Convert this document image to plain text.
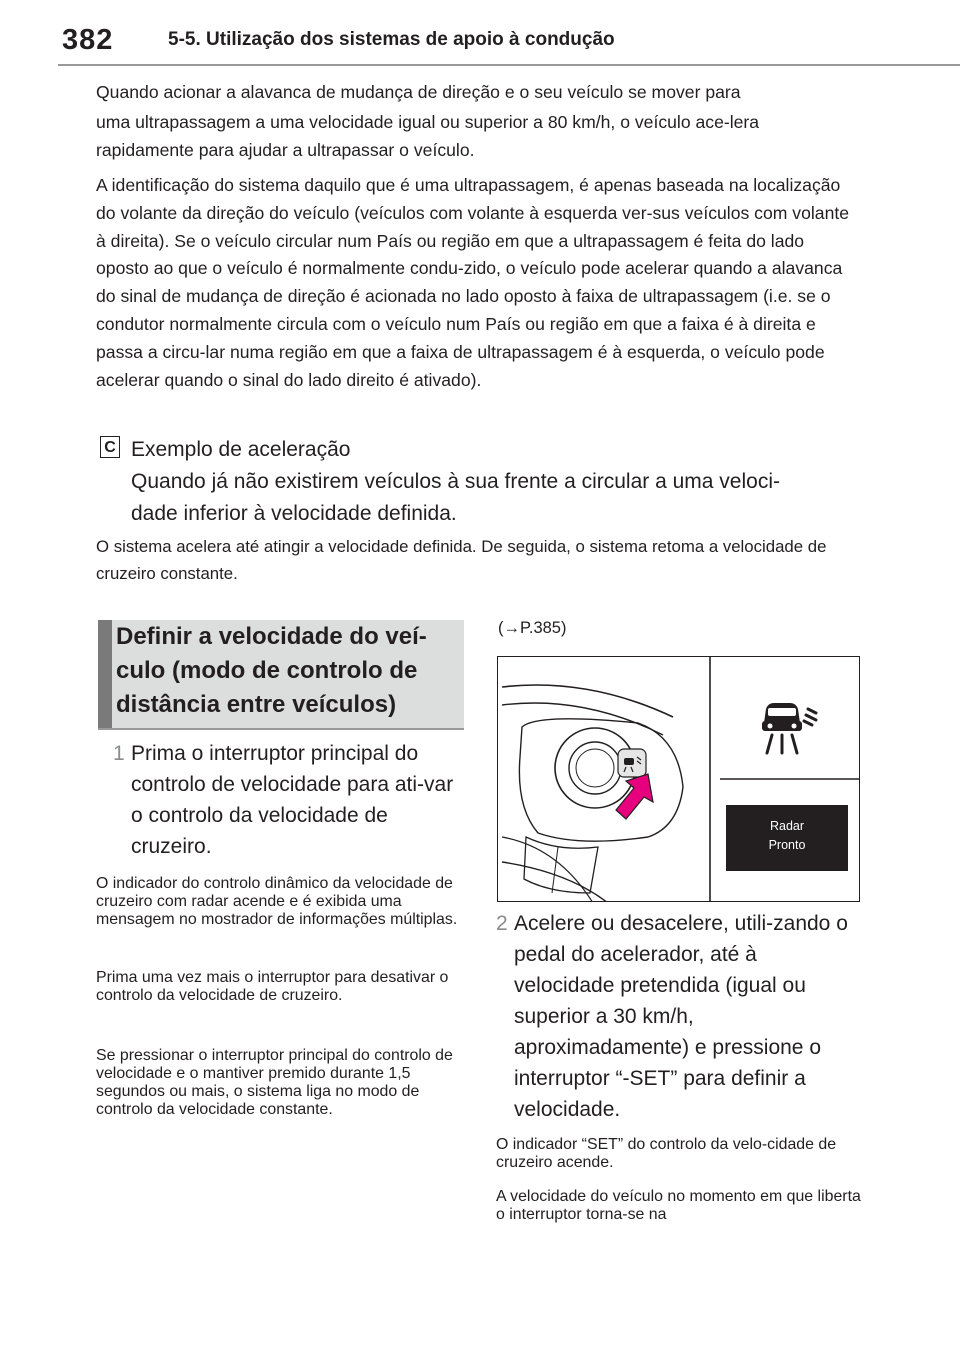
382	5-5. Utilização dos sistemas de apoio à condução

Quando acionar a alavanca de mudança de direção e o seu veículo se mover para
uma ultrapassagem a uma velocidade igual ou superior a 80 km/h, o veículo ace-lera rapidamente para ajudar a ultrapassar o veículo.

A identificação do sistema daquilo que é uma ultrapassagem, é apenas baseada na localização do volante da direção do veículo (veículos com volante à esquerda ver-sus veículos com volante à direita). Se o veículo circular num País ou região em que a ultrapassagem é feita do lado oposto ao que o veículo é normalmente condu-zido, o veículo pode acelerar quando a alavanca do sinal de mudança de direção é acionada no lado oposto à faixa de ultrapassagem (i.e. se o condutor normalmente circula com o veículo num País ou região em que a faixa é à direita e passa a circu-lar numa região em que a faixa de ultrapassagem é à esquerda, o veículo pode acelerar quando o sinal do lado direito é ativado).

C Exemplo de aceleração
Quando já não existirem veículos à sua frente a circular a uma veloci-
dade inferior à velocidade definida.

O sistema acelera até atingir a velocidade definida. De seguida, o sistema retoma a velocidade de cruzeiro constante.

Definir a velocidade do veí-culo (modo de controlo de distância entre veículos)
1 Prima o interruptor principal do controlo de velocidade para ati-var o controlo da velocidade de cruzeiro.

O indicador do controlo dinâmico da velocidade de cruzeiro com radar acende e é exibida uma mensagem no mostrador de informações múltiplas.

Prima uma vez mais o interruptor para desativar o controlo da velocidade de cruzeiro.

Se pressionar o interruptor principal do controlo de velocidade e o mantiver premido durante 1,5 segundos ou mais, o sistema liga no modo de controlo da velocidade constante.

(→P.385)
Radar
Pronto
2 Acelere ou desacelere, utili-zando o pedal do acelerador, até à velocidade pretendida (igual ou superior a 30 km/h, aproximadamente) e pressione o interruptor “-SET” para definir a velocidade.

O indicador “SET” do controlo da velo-cidade de cruzeiro acende.

A velocidade do veículo no momento em que liberta o interruptor torna-se na
